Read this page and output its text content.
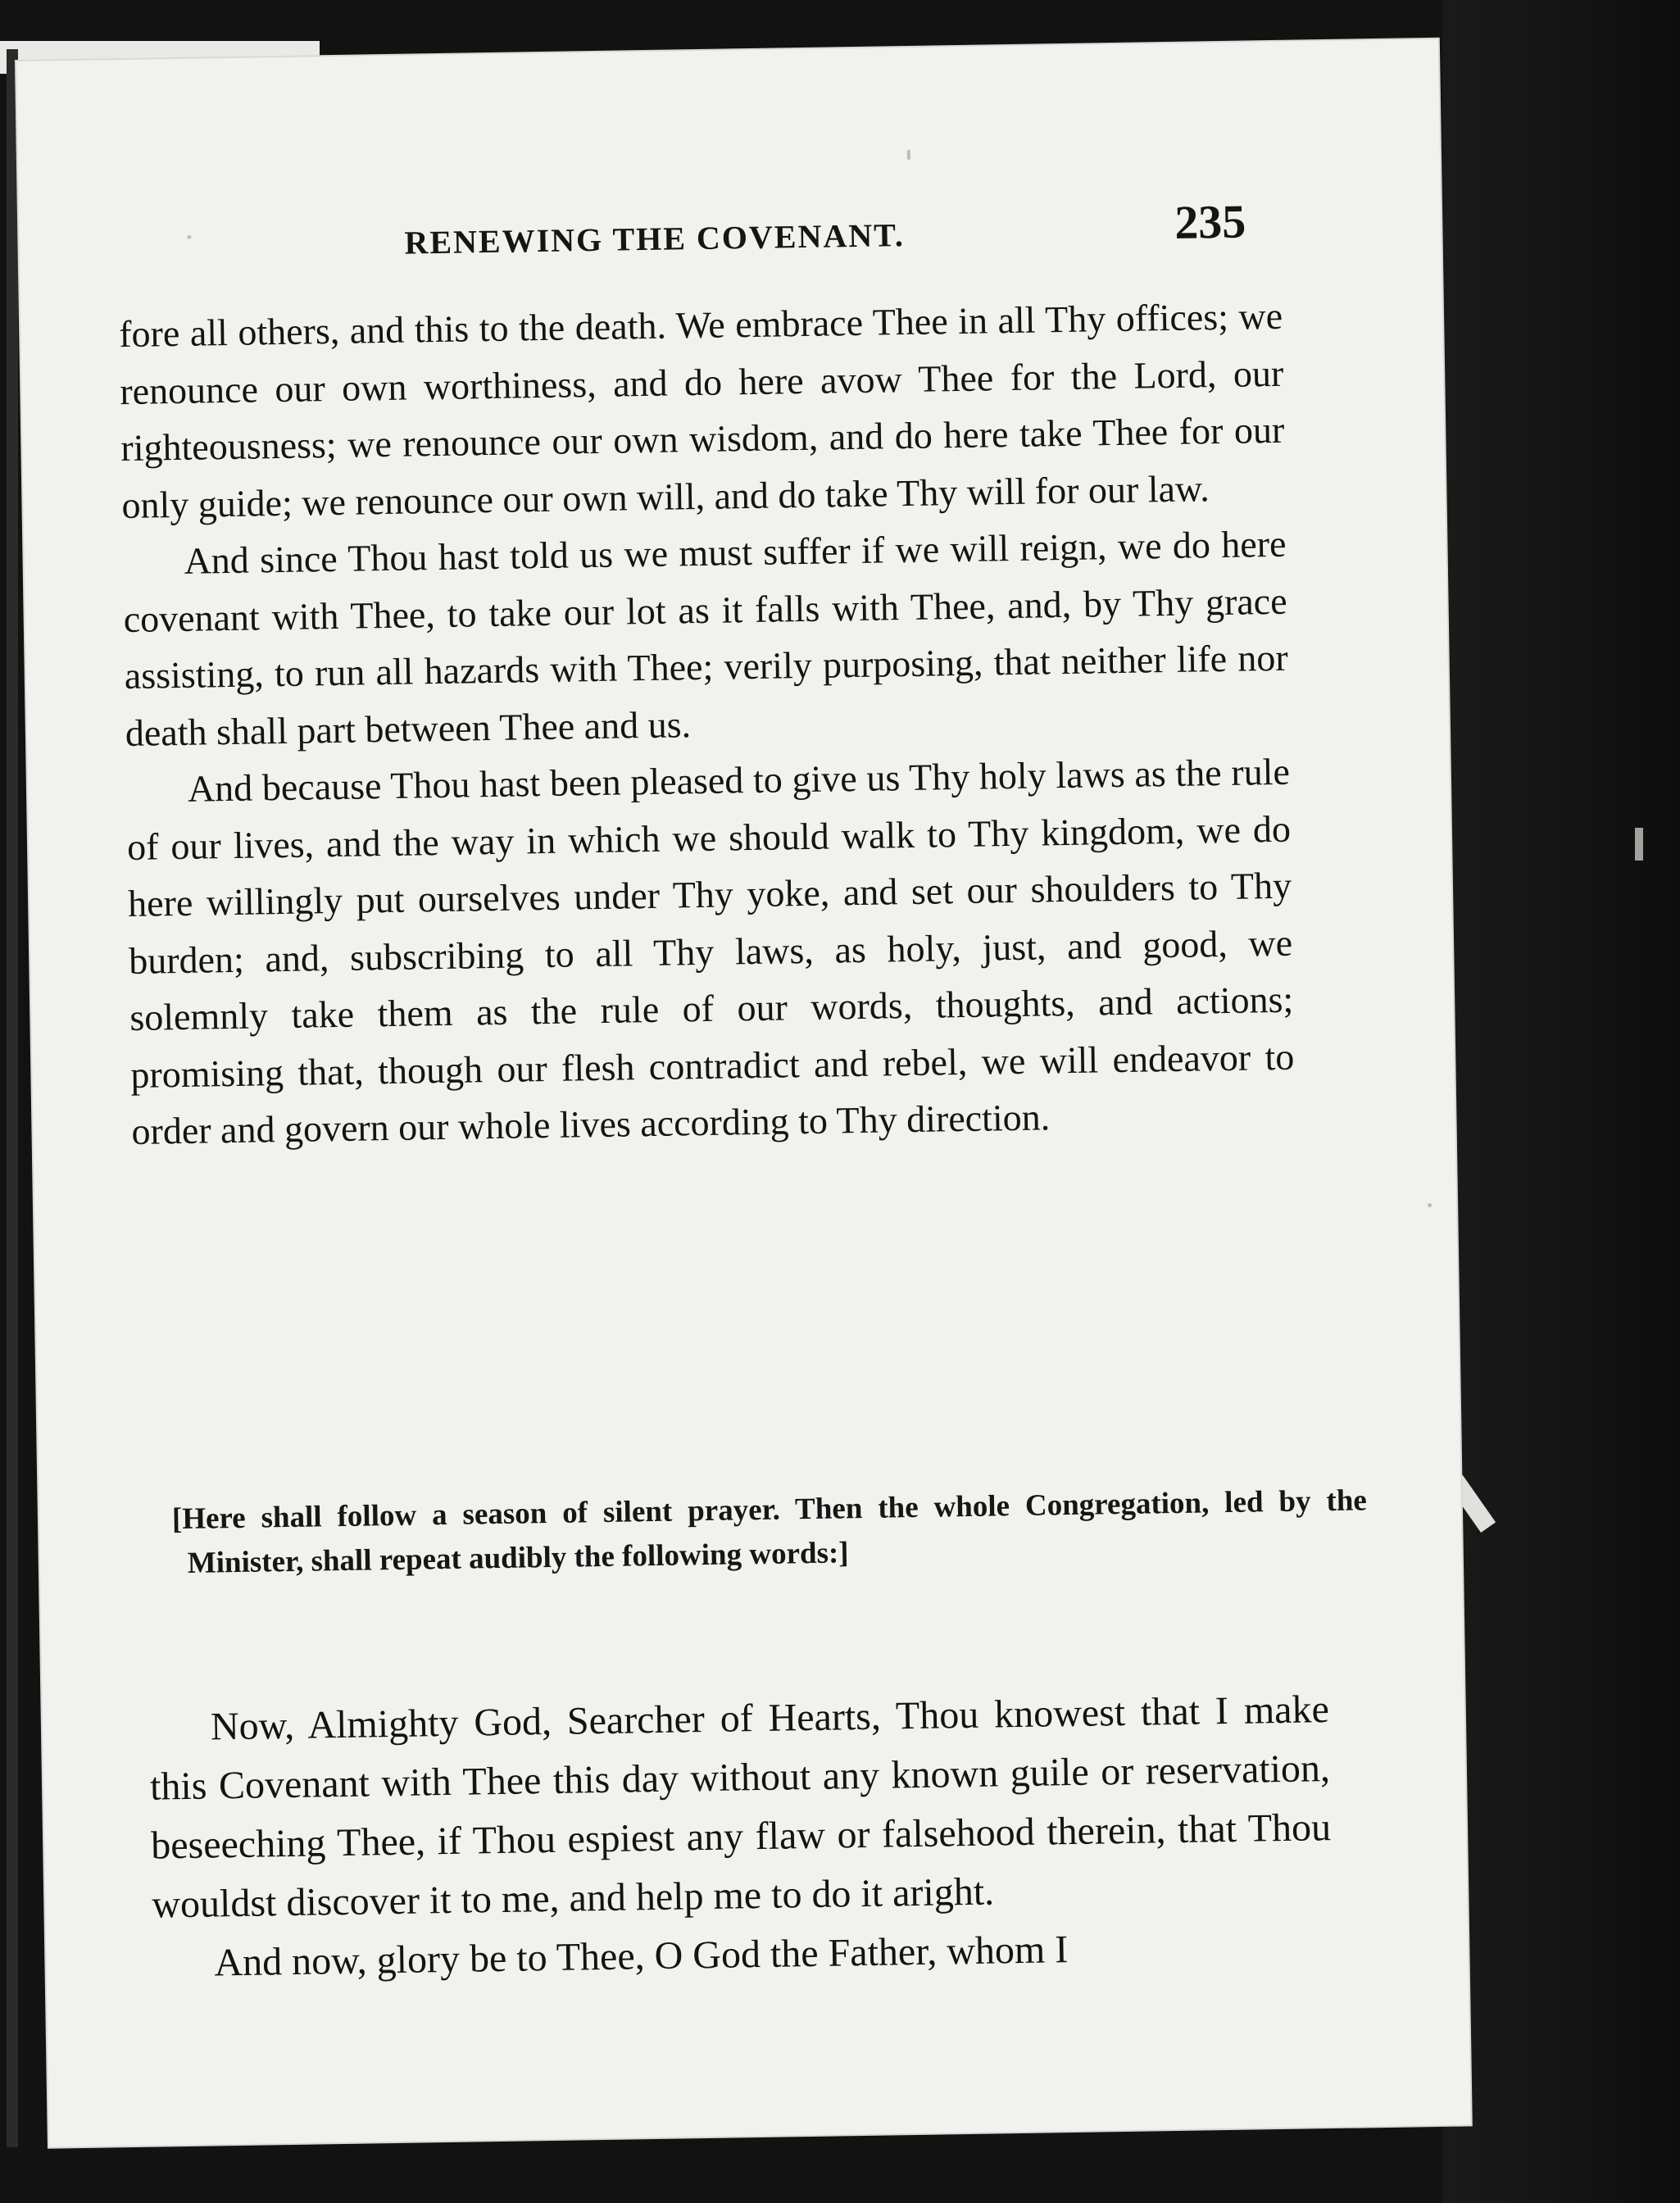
RENEWING THE COVENANT.	235

fore all others, and this to the death. We embrace Thee in all Thy offices; we renounce our own worthiness, and do here avow Thee for the Lord, our righteousness; we renounce our own wisdom, and do here take Thee for our only guide; we renounce our own will, and do take Thy will for our law.

And since Thou hast told us we must suffer if we will reign, we do here covenant with Thee, to take our lot as it falls with Thee, and, by Thy grace assisting, to run all hazards with Thee; verily purposing, that neither life nor death shall part between Thee and us.

And because Thou hast been pleased to give us Thy holy laws as the rule of our lives, and the way in which we should walk to Thy kingdom, we do here willingly put ourselves under Thy yoke, and set our shoulders to Thy burden; and, subscribing to all Thy laws, as holy, just, and good, we solemnly take them as the rule of our words, thoughts, and actions; promising that, though our flesh contradict and rebel, we will endeavor to order and govern our whole lives according to Thy direction.

[Here shall follow a season of silent prayer. Then the whole Congregation, led by the Minister, shall repeat audibly the following words:]

Now, Almighty God, Searcher of Hearts, Thou knowest that I make this Covenant with Thee this day without any known guile or reservation, beseeching Thee, if Thou espiest any flaw or falsehood therein, that Thou wouldst discover it to me, and help me to do it aright.

And now, glory be to Thee, O God the Father, whom I
